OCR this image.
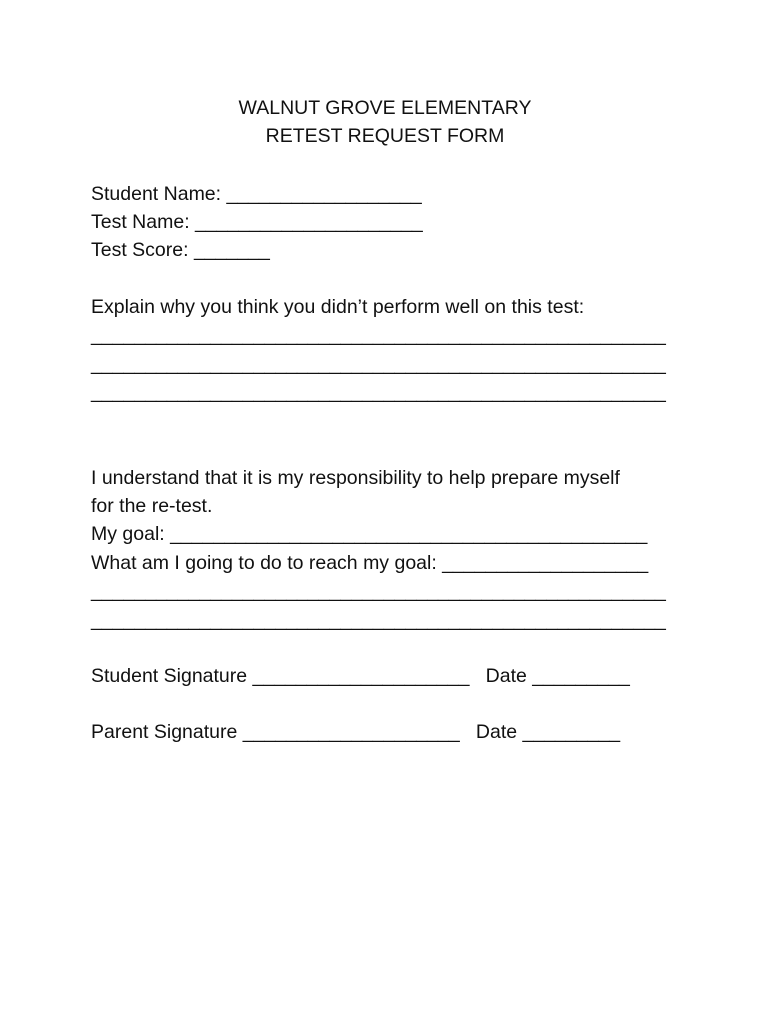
WALNUT GROVE ELEMENTARY
RETEST REQUEST FORM
Student Name: __________________
Test Name: _____________________
Test Score: _______
Explain why you think you didn’t perform well on this test:
_____________________________________________________
_____________________________________________________
_____________________________________________________
I understand that it is my responsibility to help prepare myself
for the re-test.
My goal: ____________________________________________
What am I going to do to reach my goal: ___________________
_____________________________________________________
_____________________________________________________
Student Signature ____________________   Date _________
Parent Signature ____________________   Date _________
